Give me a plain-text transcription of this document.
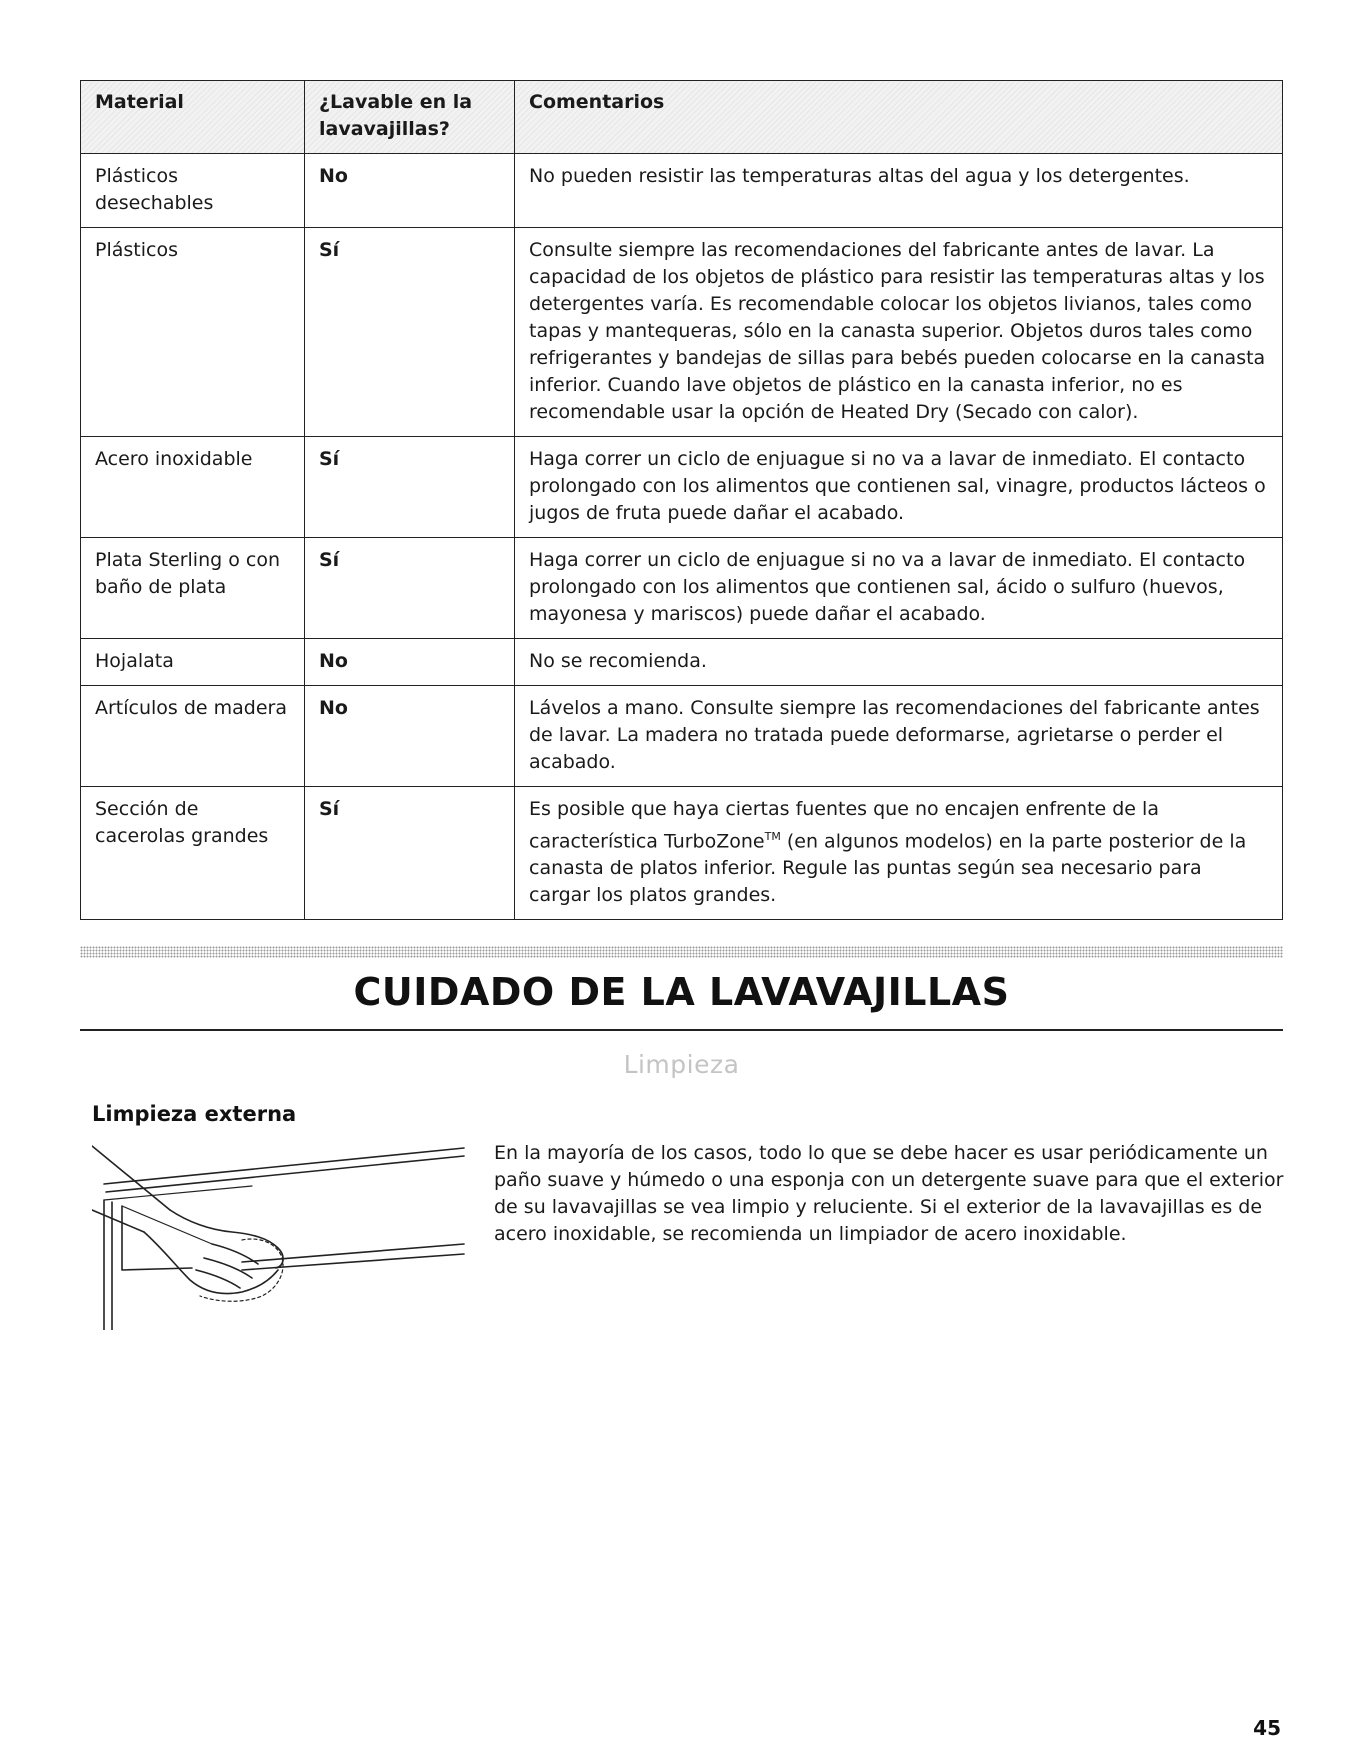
Material	¿Lavable en la lavavajillas?	Comentarios
Plásticos desechables	No	No pueden resistir las temperaturas altas del agua y los detergentes.
Plásticos	Sí	Consulte siempre las recomendaciones del fabricante antes de lavar. La capacidad de los objetos de plástico para resistir las temperaturas altas y los detergentes varía. Es recomendable colocar los objetos livianos, tales como tapas y mantequeras, sólo en la canasta superior. Objetos duros tales como refrigerantes y bandejas de sillas para bebés pueden colocarse en la canasta inferior. Cuando lave objetos de plástico en la canasta inferior, no es recomendable usar la opción de Heated Dry (Secado con calor).
Acero inoxidable	Sí	Haga correr un ciclo de enjuague si no va a lavar de inmediato. El contacto prolongado con los alimentos que contienen sal, vinagre, productos lácteos o jugos de fruta puede dañar el acabado.
Plata Sterling o con baño de plata	Sí	Haga correr un ciclo de enjuague si no va a lavar de inmediato. El contacto prolongado con los alimentos que contienen sal, ácido o sulfuro (huevos, mayonesa y mariscos) puede dañar el acabado.
Hojalata	No	No se recomienda.
Artículos de madera	No	Lávelos a mano. Consulte siempre las recomendaciones del fabricante antes de lavar. La madera no tratada puede deformarse, agrietarse o perder el acabado.
Sección de cacerolas grandes	Sí	Es posible que haya ciertas fuentes que no encajen enfrente de la característica TurboZone™ (en algunos modelos) en la parte posterior de la canasta de platos inferior. Regule las puntas según sea necesario para cargar los platos grandes.
CUIDADO DE LA LAVAVAJILLAS
Limpieza
Limpieza externa
En la mayoría de los casos, todo lo que se debe hacer es usar periódicamente un paño suave y húmedo o una esponja con un detergente suave para que el exterior de su lavavajillas se vea limpio y reluciente. Si el exterior de la lavavajillas es de acero inoxidable, se recomienda un limpiador de acero inoxidable.
45
